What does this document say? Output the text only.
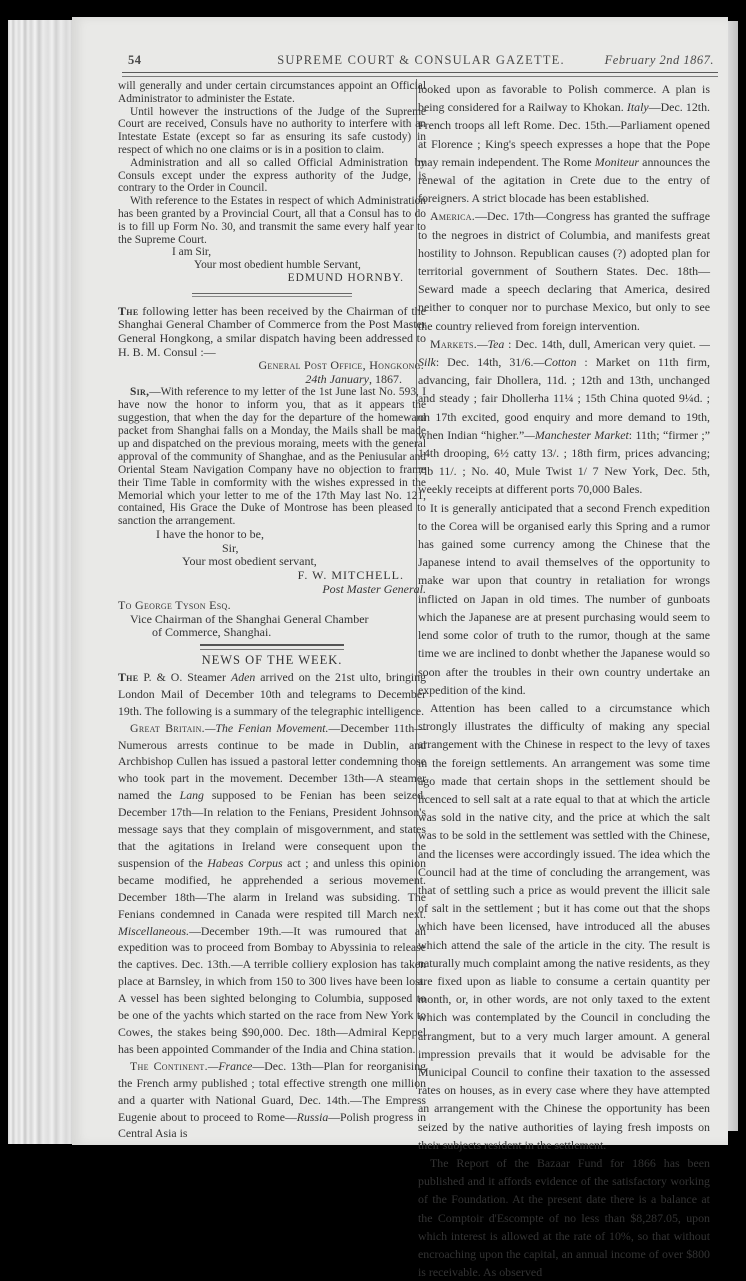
54	SUPREME COURT & CONSULAR GAZETTE.	February 2nd 1867.

will generally and under certain circumstances appoint an Official Administrator to administer the Estate.

Until however the instructions of the Judge of the Supreme Court are received, Consuls have no authority to interfere with an Intestate Estate (except so far as ensuring its safe custody) in respect of which no one claims or is in a position to claim.

Administration and all so called Official Administration by Consuls except under the express authority of the Judge, is contrary to the Order in Council.

With reference to the Estates in respect of which Administration has been granted by a Provincial Court, all that a Consul has to do is to fill up Form No. 30, and transmit the same every half year to the Supreme Court.

I am Sir,

Your most obedient humble Servant,

EDMUND HORNBY.

The following letter has been received by the Chairman of the Shanghai General Chamber of Commerce from the Post Master General Hongkong, a smilar dispatch having been addressed to H. B. M. Consul :—

General Post Office, Hongkong.

24th January, 1867.

Sir,—With reference to my letter of the 1st June last No. 593, I have now the honor to inform you, that as it appears the suggestion, that when the day for the departure of the homeward packet from Shanghai falls on a Monday, the Mails shall be made up and dispatched on the previous moraing, meets with the general approval of the community of Shanghae, and as the Peniusular and Oriental Steam Navigation Company have no objection to frame their Time Table in comformity with the wishes expressed in the Memorial which your letter to me of the 17th May last No. 121, contained, His Grace the Duke of Montrose has been pleased to sanction the arrangement.

I have the honor to be,

Sir,

Your most obedient servant,

F. W. MITCHELL.

Post Master General.

To George Tyson Esq.

Vice Chairman of the Shanghai General Chamber

of Commerce, Shanghai.

NEWS OF THE WEEK.

The P. & O. Steamer Aden arrived on the 21st ulto, bringing London Mail of December 10th and telegrams to December 19th. The following is a summary of the telegraphic intelligence.

Great Britain.—The Fenian Movement.—December 11th—Numerous arrests continue to be made in Dublin, and Archbishop Cullen has issued a pastoral letter condemning those who took part in the movement. December 13th—A steamer named the Lang supposed to be Fenian has been seized. December 17th—In relation to the Fenians, President Johnson's message says that they complain of misgovernment, and states that the agitations in Ireland were consequent upon the suspension of the Habeas Corpus act ; and unless this opinion became modified, he apprehended a serious movement. December 18th—The alarm in Ireland was subsiding. The Fenians condemned in Canada were respited till March next. Miscellaneous.—December 19th.—It was rumoured that an expedition was to proceed from Bombay to Abyssinia to release the captives. Dec. 13th.—A terrible colliery explosion has taken place at Barnsley, in which from 150 to 300 lives have been lost. A vessel has been sighted belonging to Columbia, supposed to be one of the yachts which started on the race from New York to Cowes, the stakes being $90,000. Dec. 18th—Admiral Keppel has been appointed Commander of the India and China station.

The Continent.—France—Dec. 13th—Plan for reorganising the French army published ; total effective strength one million and a quarter with National Guard, Dec. 14th.—The Empress Eugenie about to proceed to Rome—Russia—Polish progress in Central Asia is

looked upon as favorable to Polish commerce. A plan is being considered for a Railway to Khokan. Italy—Dec. 12th. French troops all left Rome. Dec. 15th.—Parliament opened at Florence ; King's speech expresses a hope that the Pope may remain independent. The Rome Moniteur announces the renewal of the agitation in Crete due to the entry of foreigners. A strict blocade has been established.

America.—Dec. 17th—Congress has granted the suffrage to the negroes in district of Columbia, and manifests great hostility to Johnson. Republican causes (?) adopted plan for territorial government of Southern States. Dec. 18th—Seward made a speech declaring that America, desired neither to conquer nor to purchase Mexico, but only to see the country relieved from foreign intervention.

Markets.—Tea : Dec. 14th, dull, American very quiet. —Silk: Dec. 14th, 31/6.—Cotton : Market on 11th firm, advancing, fair Dhollera, 11d. ; 12th and 13th, unchanged and steady ; fair Dhollerha 11¼ ; 15th China quoted 9¼d. ; on 17th excited, good enquiry and more demand to 19th, when Indian “higher.”—Manchester Market: 11th; “firmer ;” 14th drooping, 6½ catty 13/. ; 18th firm, prices advancing; 7lb 11/. ; No. 40, Mule Twist 1/ 7 New York, Dec. 5th, weekly receipts at different ports 70,000 Bales.

It is generally anticipated that a second French expedition to the Corea will be organised early this Spring and a rumor has gained some currency among the Chinese that the Japanese intend to avail themselves of the opportunity to make war upon that country in retaliation for wrongs inflicted on Japan in old times. The number of gunboats which the Japanese are at present purchasing would seem to lend some color of truth to the rumor, though at the same time we are inclined to donbt whether the Japanese would so soon after the troubles in their own country undertake an expedition of the kind.

Attention has been called to a circumstance which strongly illustrates the difficulty of making any special arrangement with the Chinese in respect to the levy of taxes in the foreign settlements. An arrangement was some time ago made that certain shops in the settlement should be licenced to sell salt at a rate equal to that at which the article was sold in the native city, and the price at which the salt was to be sold in the settlement was settled with the Chinese, and the licenses were accordingly issued. The idea which the Council had at the time of concluding the arrangement, was that of settling such a price as would prevent the illicit sale of salt in the settlement ; but it has come out that the shops which have been licensed, have introduced all the abuses which attend the sale of the article in the city. The result is naturally much complaint among the native residents, as they are fixed upon as liable to consume a certain quantity per month, or, in other words, are not only taxed to the extent which was contemplated by the Council in concluding the arrangment, but to a very much larger amount. A general impression prevails that it would be advisable for the Municipal Council to confine their taxation to the assessed rates on houses, as in every case where they have attempted an arrangement with the Chinese the opportunity has been seized by the native authorities of laying fresh imposts on their subjects resident in the settlement.

The Report of the Bazaar Fund for 1866 has been published and it affords evidence of the satisfactory working of the Foundation. At the present date there is a balance at the Comptoir d'Escompte of no less than $8,287.05, upon which interest is allowed at the rate of 10%, so that without encroaching upon the capital, an annual income of over $800 is receivable. As observed
